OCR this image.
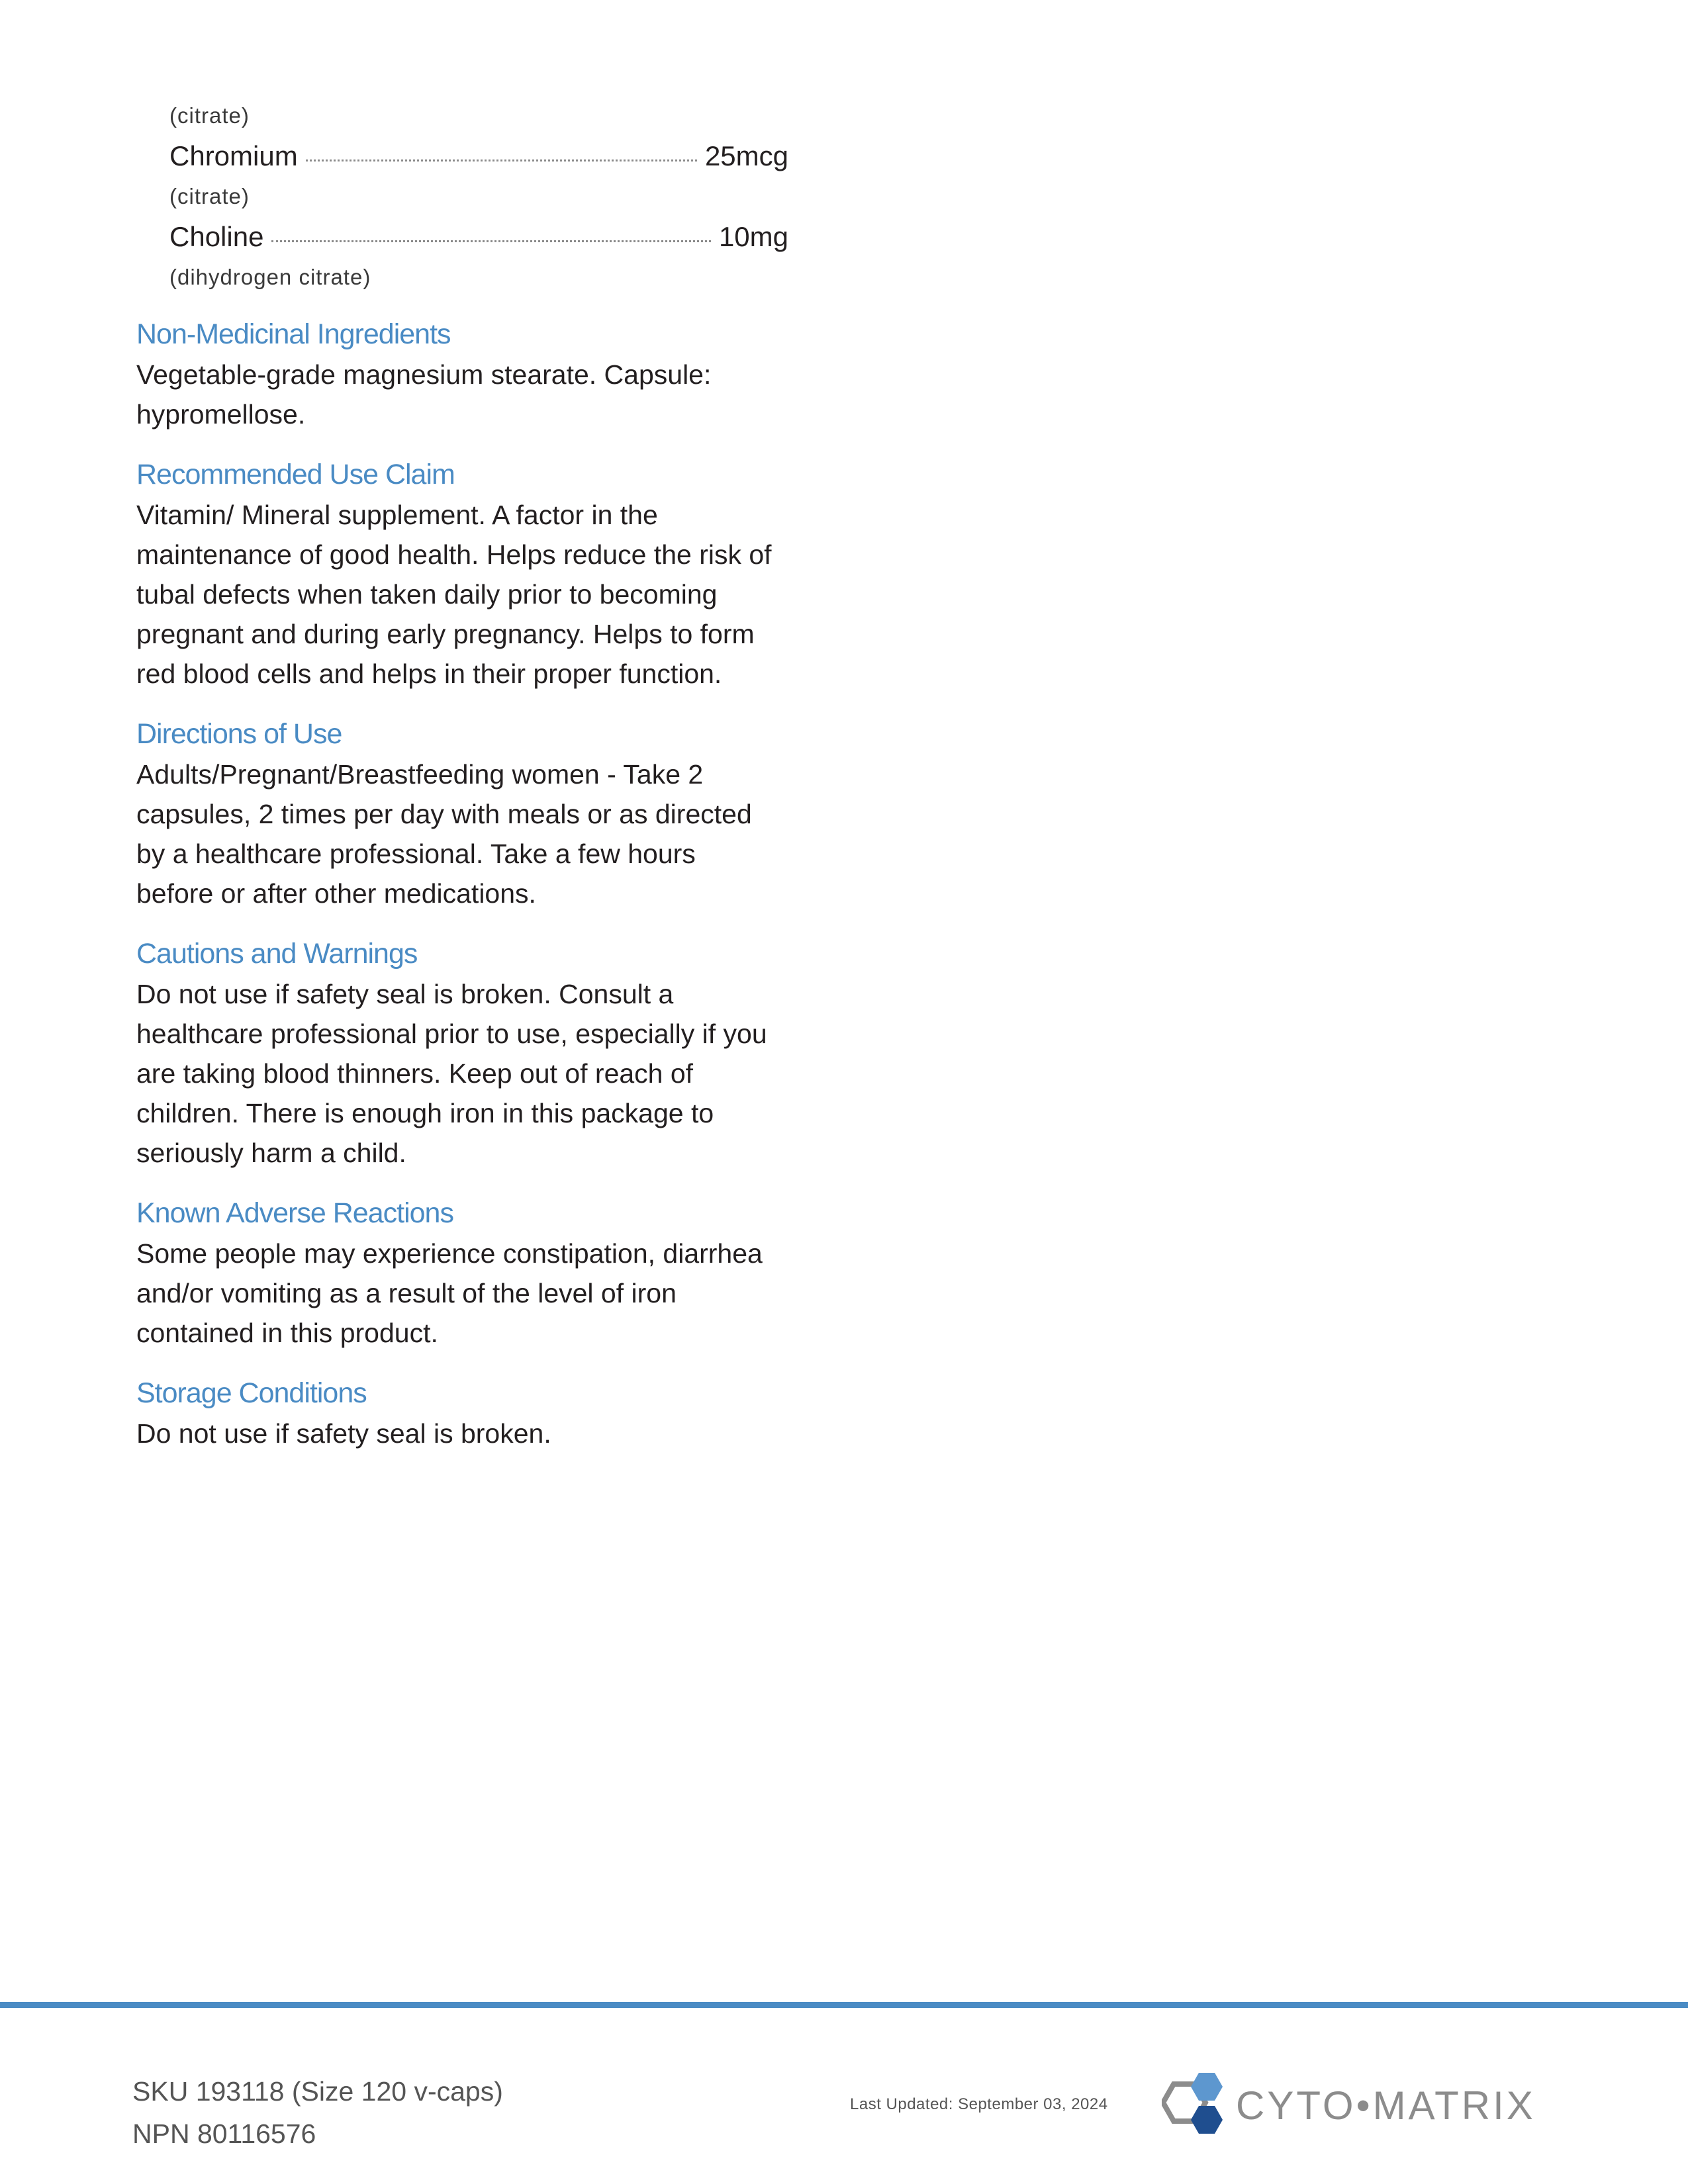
(citrate)
Chromium	25mcg
(citrate)
Choline	10mg
(dihydrogen citrate)
Non-Medicinal Ingredients

Vegetable-grade magnesium stearate. Capsule:
hypromellose.

Recommended Use Claim

Vitamin/ Mineral supplement. A factor in the
maintenance of good health. Helps reduce the risk of
tubal defects when taken daily prior to becoming
pregnant and during early pregnancy. Helps to form
red blood cells and helps in their proper function.

Directions of Use

Adults/Pregnant/Breastfeeding women - Take 2
capsules, 2 times per day with meals or as directed
by a healthcare professional. Take a few hours
before or after other medications.

Cautions and Warnings

Do not use if safety seal is broken. Consult a
healthcare professional prior to use, especially if you
are taking blood thinners. Keep out of reach of
children. There is enough iron in this package to
seriously harm a child.

Known Adverse Reactions

Some people may experience constipation, diarrhea
and/or vomiting as a result of the level of iron
contained in this product.

Storage Conditions

Do not use if safety seal is broken.

SKU 193118 (Size 120 v-caps)
NPN 80116576
Last Updated: September 03, 2024	CYTO•MATRIX
